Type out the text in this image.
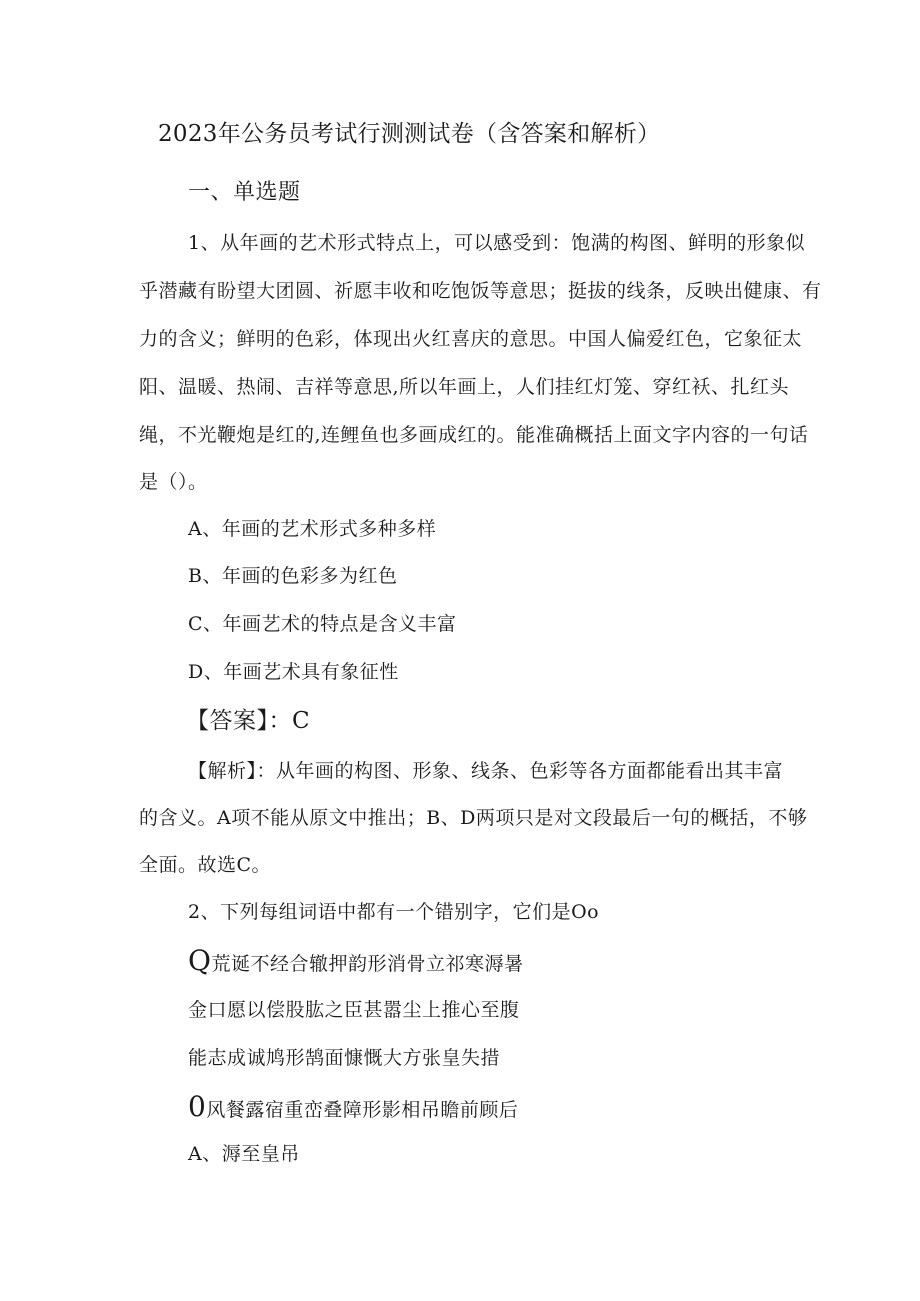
2023年公务员考试行测测试卷（含答案和解析）
一、单选题
1、从年画的艺术形式特点上，可以感受到：饱满的构图、鲜明的形象似
乎潜藏有盼望大团圆、祈愿丰收和吃饱饭等意思；挺拔的线条，反映出健康、有
力的含义；鲜明的色彩，体现出火红喜庆的意思。中国人偏爱红色，它象征太
阳、温暖、热闹、吉祥等意思,所以年画上，人们挂红灯笼、穿红袄、扎红头
绳，不光鞭炮是红的,连鲤鱼也多画成红的。能准确概括上面文字内容的一句话
是（）。
A、年画的艺术形式多种多样
B、年画的色彩多为红色
C、年画艺术的特点是含义丰富
D、年画艺术具有象征性
【答案】：C
【解析】：从年画的构图、形象、线条、色彩等各方面都能看出其丰富
的含义。A项不能从原文中推出；B、D两项只是对文段最后一句的概括，不够
全面。故选C。
2、下列每组词语中都有一个错别字，它们是Oo
Q荒诞不经合辙押韵形消骨立祁寒溽暑
金口愿以偿股肱之臣甚嚣尘上推心至腹
能志成诚鸠形鹄面慷慨大方张皇失措
0风餐露宿重峦叠障形影相吊瞻前顾后
A、溽至皇吊
